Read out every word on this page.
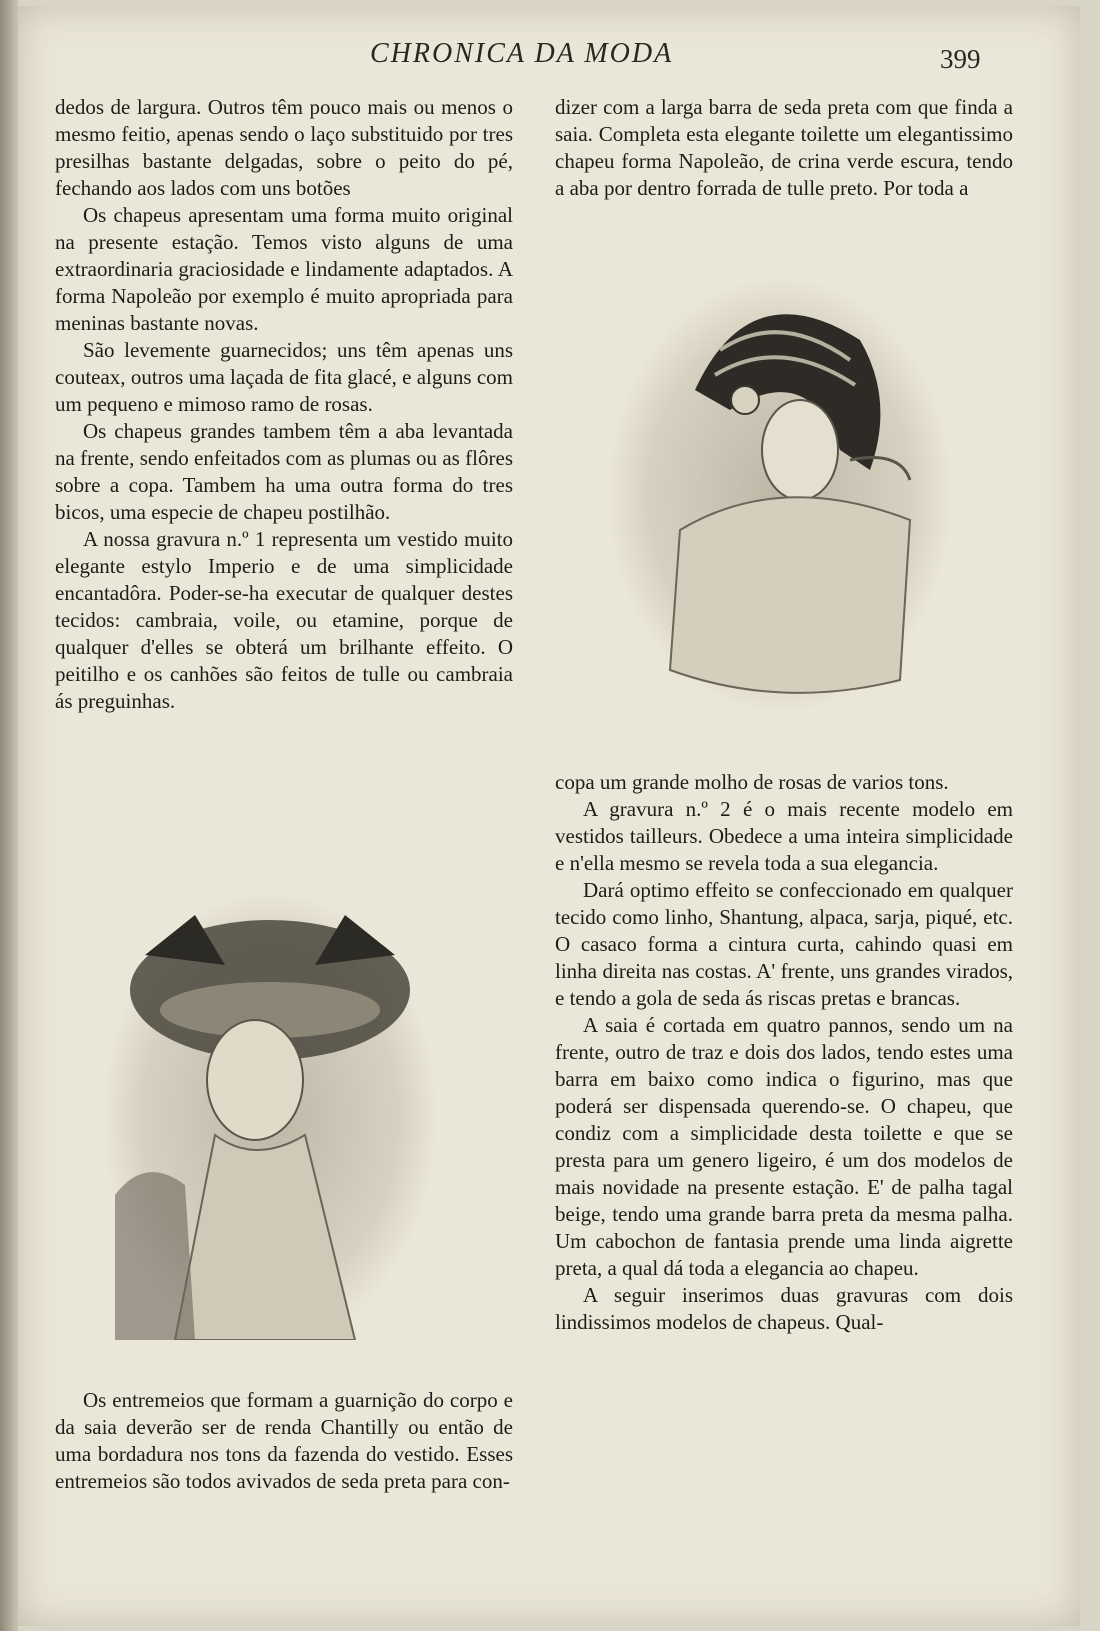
CHRONICA DA MODA	399

dedos de largura. Outros têm pouco mais ou menos o mesmo feitio, apenas sendo o laço substituido por tres presilhas bastante delgadas, sobre o peito do pé, fechando aos lados com uns botões

Os chapeus apresentam uma forma muito original na presente estação. Temos visto alguns de uma extraordinaria graciosidade e lindamente adaptados. A forma Napoleão por exemplo é muito apropriada para meninas bastante novas.

São levemente guarnecidos; uns têm apenas uns couteax, outros uma laçada de fita glacé, e alguns com um pequeno e mimoso ramo de rosas.

Os chapeus grandes tambem têm a aba levantada na frente, sendo enfeitados com as plumas ou as flôres sobre a copa. Tambem ha uma outra forma do tres bicos, uma especie de chapeu postilhão.

A nossa gravura n.º 1 representa um vestido muito elegante estylo Imperio e de uma simplicidade encantadôra. Poder-se-ha executar de qualquer destes tecidos: cambraia, voile, ou etamine, porque de qualquer d'elles se obterá um brilhante effeito. O peitilho e os canhões são feitos de tulle ou cambraia ás preguinhas.

Os entremeios que formam a guarnição do corpo e da saia deverão ser de renda Chantilly ou então de uma bordadura nos tons da fazenda do vestido. Esses entremeios são todos avivados de seda preta para con-

dizer com a larga barra de seda preta com que finda a saia. Completa esta elegante toilette um elegantissimo chapeu forma Napoleão, de crina verde escura, tendo a aba por dentro forrada de tulle preto. Por toda a

copa um grande molho de rosas de varios tons.

A gravura n.º 2 é o mais recente modelo em vestidos tailleurs. Obedece a uma inteira simplicidade e n'ella mesmo se revela toda a sua elegancia.

Dará optimo effeito se confeccionado em qualquer tecido como linho, Shantung, alpaca, sarja, piqué, etc. O casaco forma a cintura curta, cahindo quasi em linha direita nas costas. A' frente, uns grandes virados, e tendo a gola de seda ás riscas pretas e brancas.

A saia é cortada em quatro pannos, sendo um na frente, outro de traz e dois dos lados, tendo estes uma barra em baixo como indica o figurino, mas que poderá ser dispensada querendo-se. O chapeu, que condiz com a simplicidade desta toilette e que se presta para um genero ligeiro, é um dos modelos de mais novidade na presente estação. E' de palha tagal beige, tendo uma grande barra preta da mesma palha. Um cabochon de fantasia prende uma linda aigrette preta, a qual dá toda a elegancia ao chapeu.

A seguir inserimos duas gravuras com dois lindissimos modelos de chapeus. Qual-
